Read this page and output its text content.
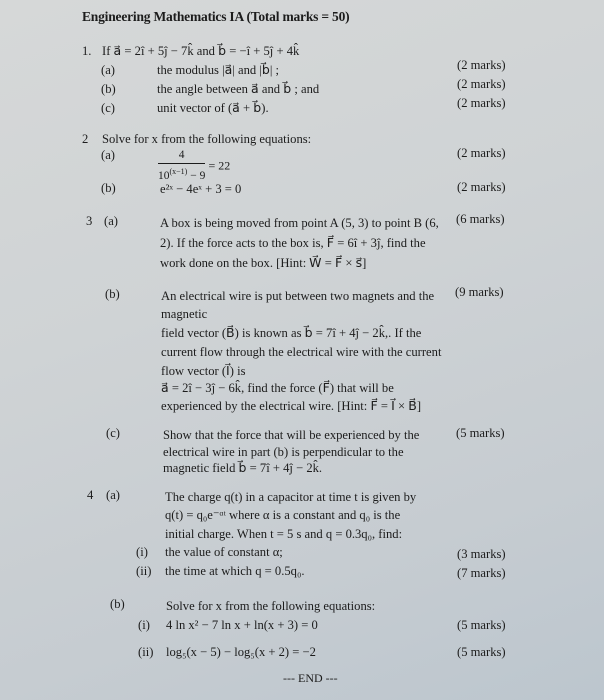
Engineering Mathematics IA (Total marks = 50)
1. If a⃗ = 2î + 5ĵ − 7k̂ and b⃗ = −î + 5ĵ + 4k̂
(a)	the modulus |a⃗| and |b⃗| ;	(2 marks)
(b)	the angle between a⃗ and b⃗ ; and	(2 marks)
(c)	unit vector of (a⃗ + b⃗).	(2 marks)
2 Solve for x from the following equations:
(a)	$\frac{4}{10^{(x-1)} - 9} = 22$
(2 marks)
(b)	e²ˣ − 4eˣ + 3 = 0	(2 marks)
3 (a)	A box is being moved from point A (5, 3) to point B (6,
2). If the force acts to the box is, F⃗ = 6î + 3ĵ, find the
work done on the box. [Hint: W⃗ = F⃗ × s⃗]
(6 marks)
(b)	An electrical wire is put between two magnets and the
magnetic
field vector (B⃗) is known as b⃗ = 7î + 4ĵ − 2k̂,. If the
current flow through the electrical wire with the current
flow vector (I⃗) is
a⃗ = 2î − 3ĵ − 6k̂, find the force (F⃗) that will be
experienced by the electrical wire. [Hint: F⃗ = I⃗ × B⃗]
(9 marks)
(c)	Show that the force that will be experienced by the
electrical wire in part (b) is perpendicular to the
magnetic field b⃗ = 7î + 4ĵ − 2k̂.
(5 marks)
4 (a)	The charge q(t) in a capacitor at time t is given by
q(t) = q₀e⁻ᵅᵗ where α is a constant and q₀ is the
initial charge. When t = 5 s and q = 0.3q₀, find:
(i) the value of constant α;	(3 marks)
(ii) the time at which q = 0.5q₀.	(7 marks)
(b)	Solve for x from the following equations:
(i) 4 ln x² − 7 ln x + ln(x + 3) = 0	(5 marks)
(ii) log₅(x − 5) − log₅(x + 2) = −2	(5 marks)
--- END ---
